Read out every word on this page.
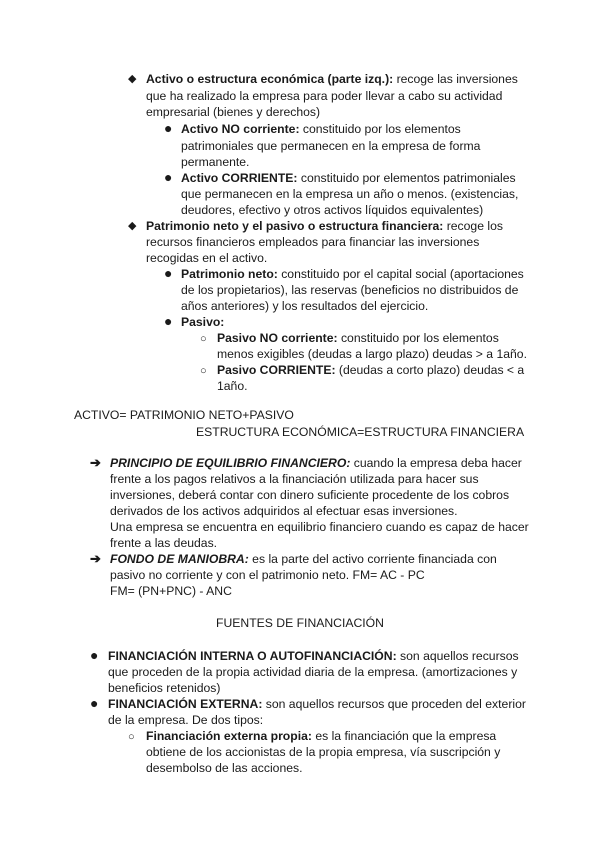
◆ Activo o estructura económica (parte izq.): recoge las inversiones
que ha realizado la empresa para poder llevar a cabo su actividad
empresarial (bienes y derechos)
● Activo NO corriente: constituido por los elementos
patrimoniales que permanecen en la empresa de forma
permanente.
● Activo CORRIENTE: constituido por elementos patrimoniales
que permanecen en la empresa un año o menos. (existencias,
deudores, efectivo y otros activos líquidos equivalentes)
◆ Patrimonio neto y el pasivo o estructura financiera: recoge los
recursos financieros empleados para financiar las inversiones
recogidas en el activo.
● Patrimonio neto: constituido por el capital social (aportaciones
de los propietarios), las reservas (beneficios no distribuidos de
años anteriores) y los resultados del ejercicio.
● Pasivo:
○ Pasivo NO corriente: constituido por los elementos
menos exigibles (deudas a largo plazo) deudas > a 1año.
○ Pasivo CORRIENTE: (deudas a corto plazo) deudas < a
1año.
ACTIVO= PATRIMONIO NETO+PASIVO
ESTRUCTURA ECONÓMICA=ESTRUCTURA FINANCIERA
➔ PRINCIPIO DE EQUILIBRIO FINANCIERO: cuando la empresa deba hacer
frente a los pagos relativos a la financiación utilizada para hacer sus
inversiones, deberá contar con dinero suficiente procedente de los cobros
derivados de los activos adquiridos al efectuar esas inversiones.
Una empresa se encuentra en equilibrio financiero cuando es capaz de hacer
frente a las deudas.
➔ FONDO DE MANIOBRA: es la parte del activo corriente financiada con
pasivo no corriente y con el patrimonio neto. FM= AC - PC
FM= (PN+PNC) - ANC
FUENTES DE FINANCIACIÓN
● FINANCIACIÓN INTERNA O AUTOFINANCIACIÓN: son aquellos recursos
que proceden de la propia actividad diaria de la empresa. (amortizaciones y
beneficios retenidos)
● FINANCIACIÓN EXTERNA: son aquellos recursos que proceden del exterior
de la empresa. De dos tipos:
○ Financiación externa propia: es la financiación que la empresa
obtiene de los accionistas de la propia empresa, vía suscripción y
desembolso de las acciones.
